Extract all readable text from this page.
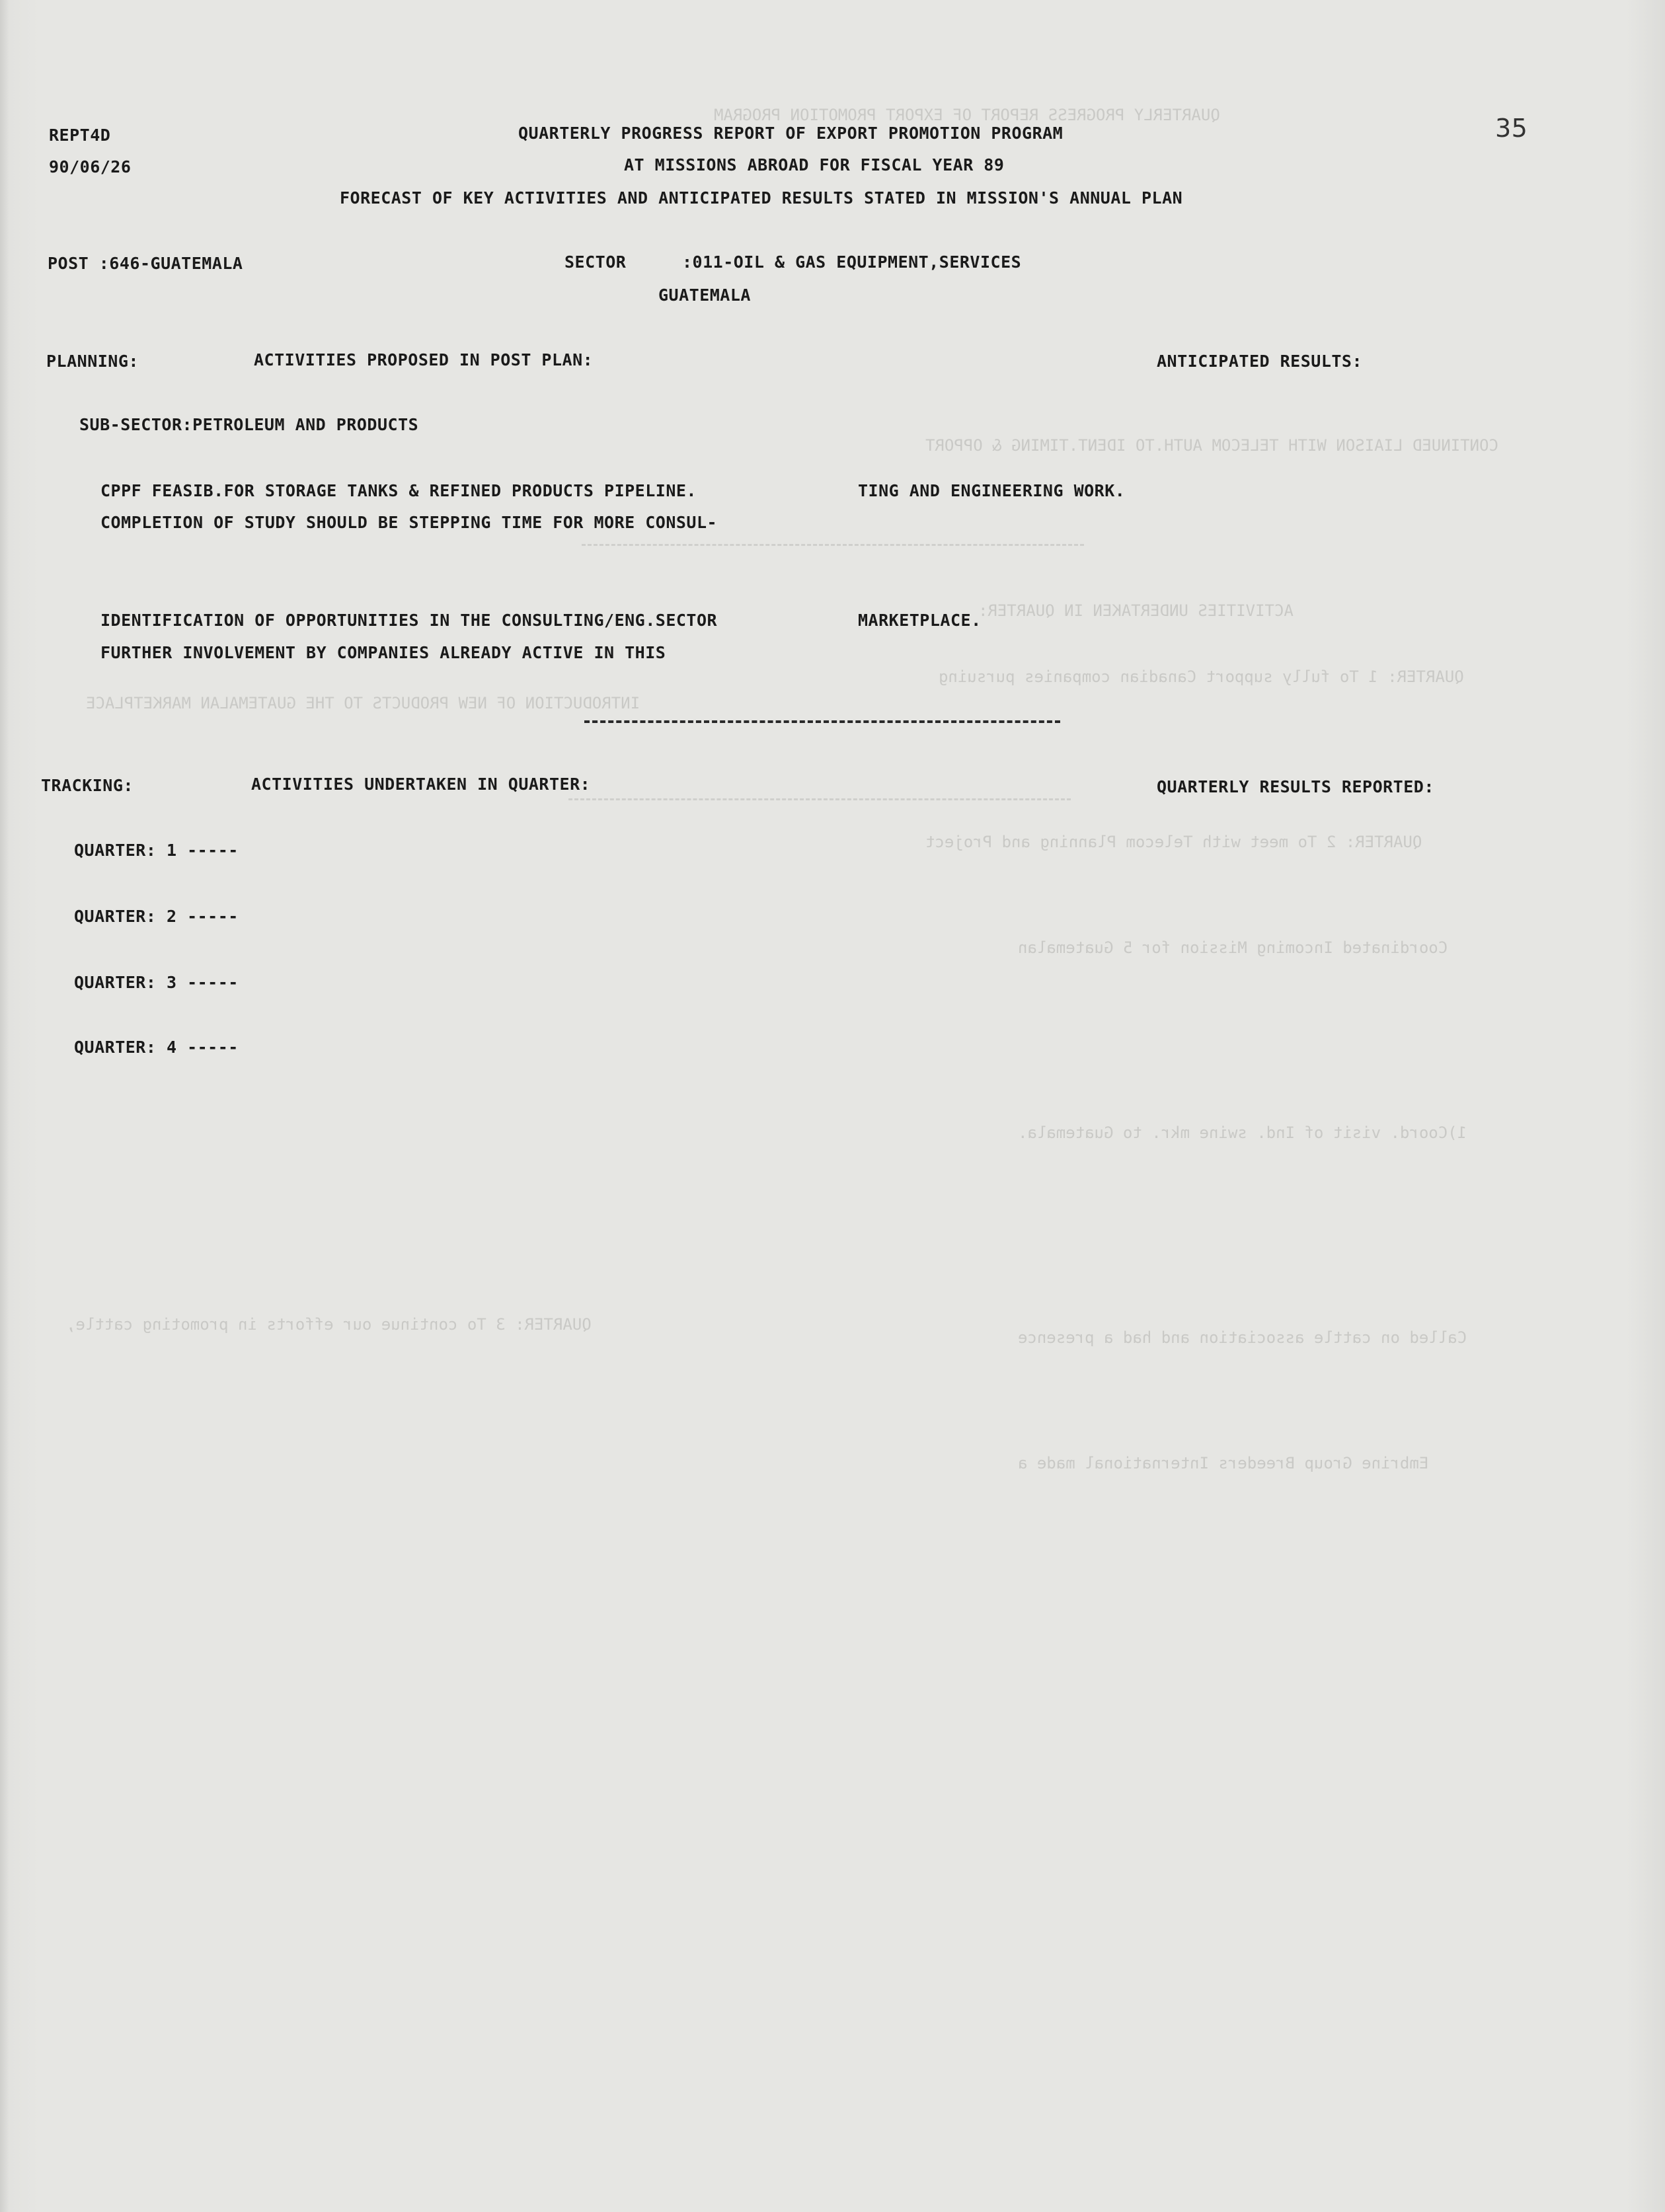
QUARTERLY PROGRESS REPORT OF EXPORT PROMOTION PROGRAM
CONTINUED LIAISON WITH TELECOM AUTH.TO IDENT.TIMING & OPPORT
ACTIVITIES UNDERTAKEN IN QUARTER:
QUARTER: 1 To fully support Canadian companies pursuing
INTRODUCTION OF NEW PRODUCTS TO THE GUATEMALAN MARKETPLACE
QUARTER: 2 To meet with Telecom Planning and Project
Coordinated Incoming Mission for 5 Guatemalan
1)Coord. visit of Ind. swine mkr. to Guatemala.
QUARTER: 3 To continue our efforts in promoting cattle,
Called on cattle association and had a presence
Embrine Group Breeders International made a
REPT4D
90/06/26
QUARTERLY PROGRESS REPORT OF EXPORT PROMOTION PROGRAM
AT MISSIONS ABROAD FOR FISCAL YEAR 89
FORECAST OF KEY ACTIVITIES AND ANTICIPATED RESULTS STATED IN MISSION'S ANNUAL PLAN
35
POST :646-GUATEMALA	SECTOR	:011-OIL & GAS EQUIPMENT,SERVICES
GUATEMALA
PLANNING:	ACTIVITIES PROPOSED IN POST PLAN:	ANTICIPATED RESULTS:
SUB-SECTOR:PETROLEUM AND PRODUCTS
CPPF FEASIB.FOR STORAGE TANKS & REFINED PRODUCTS PIPELINE.
COMPLETION OF STUDY SHOULD BE STEPPING TIME FOR MORE CONSUL-
TING AND ENGINEERING WORK.
IDENTIFICATION OF OPPORTUNITIES IN THE CONSULTING/ENG.SECTOR
FURTHER INVOLVEMENT BY COMPANIES ALREADY ACTIVE IN THIS
MARKETPLACE.
TRACKING:	ACTIVITIES UNDERTAKEN IN QUARTER:	QUARTERLY RESULTS REPORTED:
QUARTER: 1 -----
QUARTER: 2 -----
QUARTER: 3 -----
QUARTER: 4 -----
